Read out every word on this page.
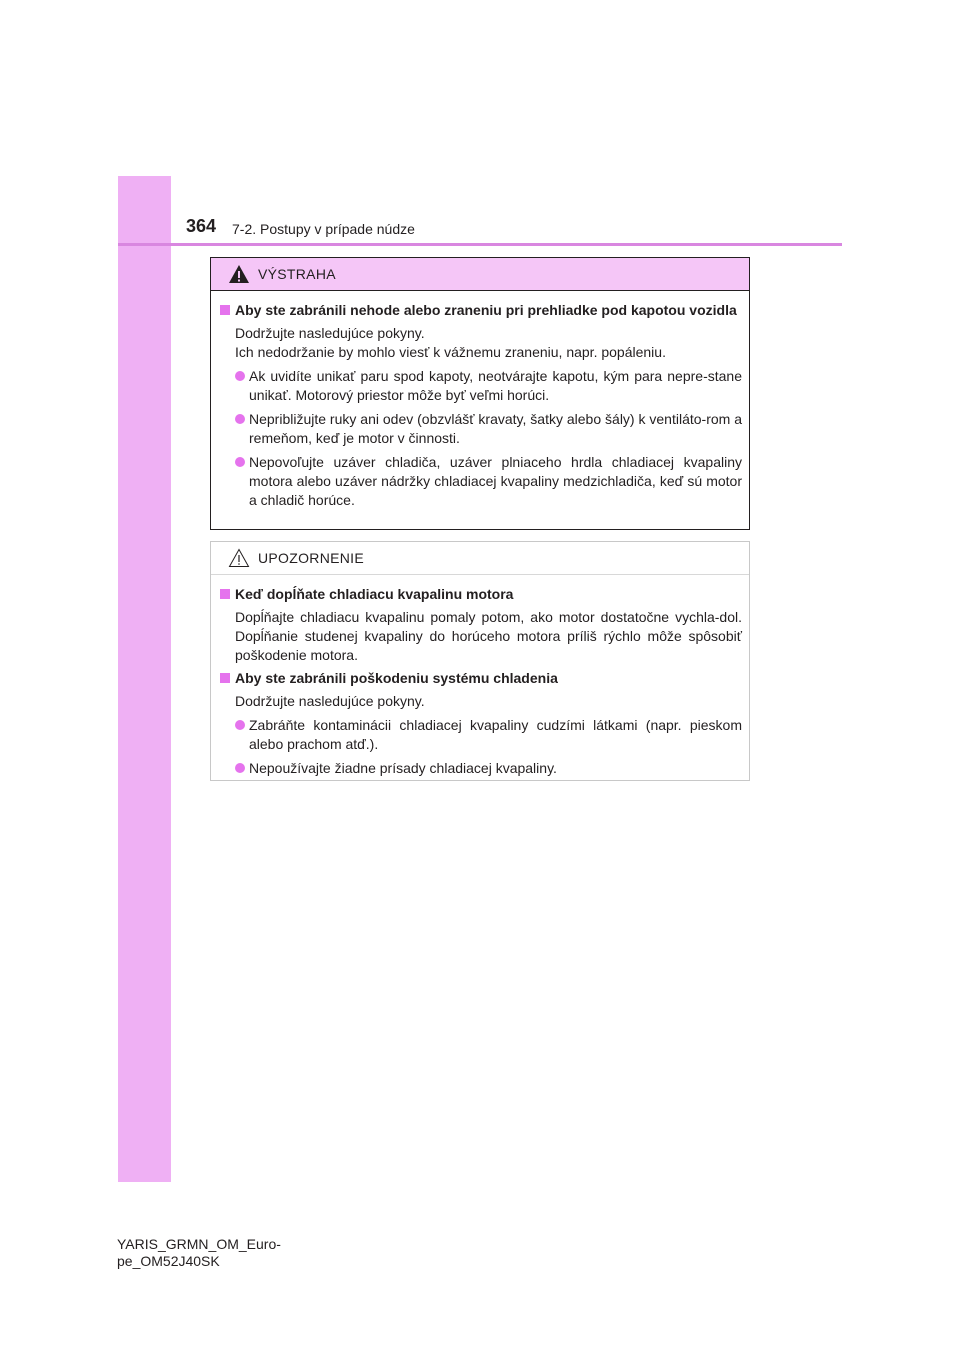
364 7-2. Postupy v prípade núdze
VÝSTRAHA
Aby ste zabránili nehode alebo zraneniu pri prehliadke pod kapotou vozidla
Dodržujte nasledujúce pokyny.
Ich nedodržanie by mohlo viesť k vážnemu zraneniu, napr. popáleniu.
Ak uvidíte unikať paru spod kapoty, neotvárajte kapotu, kým para nepre-stane unikať. Motorový priestor môže byť veľmi horúci.
Nepribližujte ruky ani odev (obzvlášť kravaty, šatky alebo šály) k ventiláto-rom a remeňom, keď je motor v činnosti.
Nepovoľujte uzáver chladiča, uzáver plniaceho hrdla chladiacej kvapaliny motora alebo uzáver nádržky chladiacej kvapaliny medzichladiča, keď sú motor a chladič horúce.
UPOZORNENIE
Keď dopĺňate chladiacu kvapalinu motora
Dopĺňajte chladiacu kvapalinu pomaly potom, ako motor dostatočne vychla-dol. Dopĺňanie studenej kvapaliny do horúceho motora príliš rýchlo môže spôsobiť poškodenie motora.
Aby ste zabránili poškodeniu systému chladenia
Dodržujte nasledujúce pokyny.
Zabráňte kontaminácii chladiacej kvapaliny cudzími látkami (napr. pieskom alebo prachom atď.).
Nepoužívajte žiadne prísady chladiacej kvapaliny.
YARIS_GRMN_OM_Euro-
pe_OM52J40SK
